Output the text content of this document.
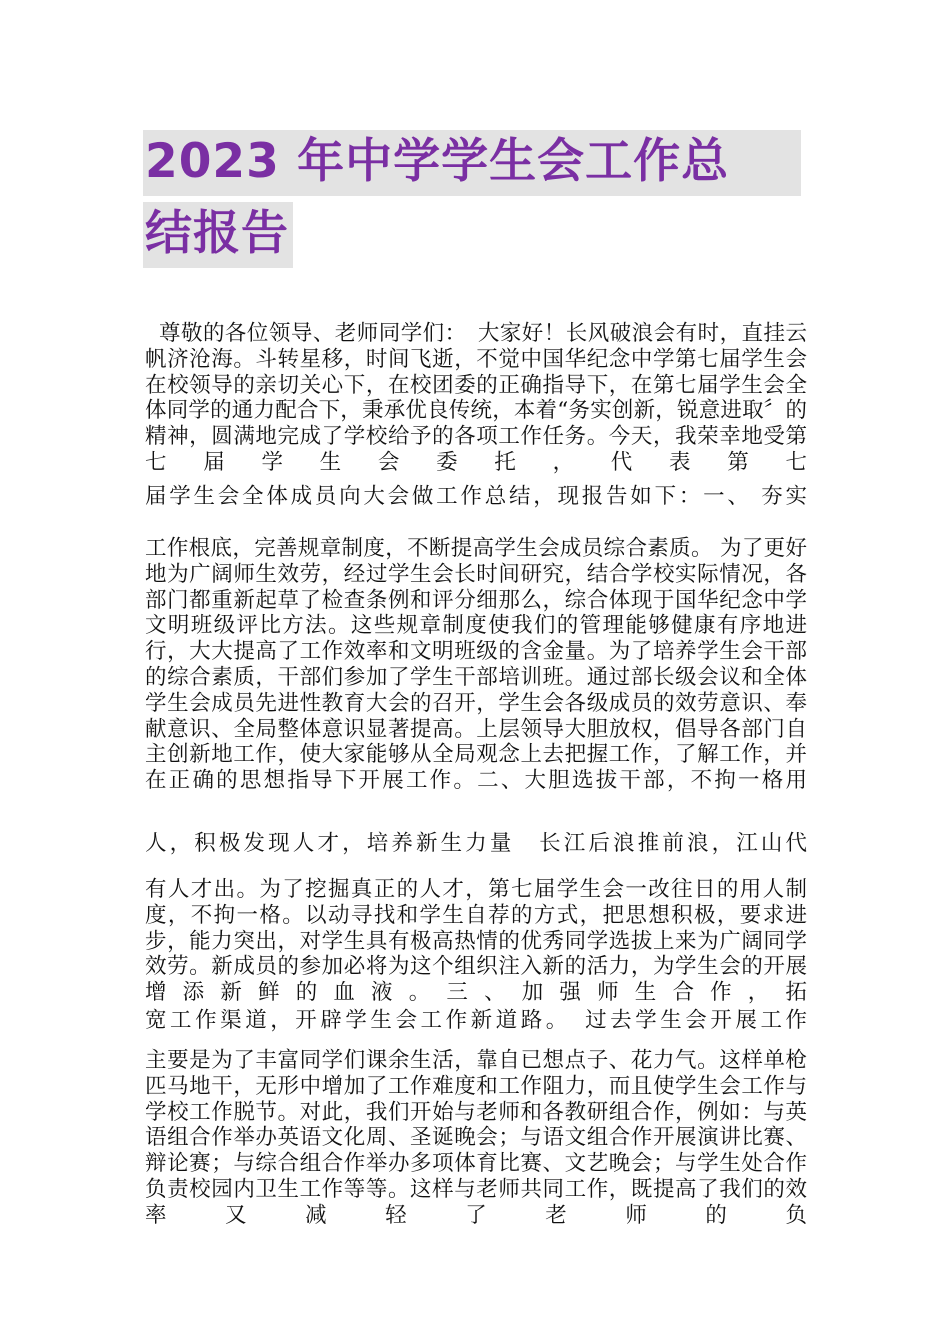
2023 年中学学生会工作总
结报告

尊敬的各位领导、老师同学们：　大家好！长风破浪会有时，直挂云帆济沧海。斗转星移，时间飞逝，不觉中国华纪念中学第七届学生会在校领导的亲切关心下，在校团委的正确指导下，在第七届学生会全体同学的通力配合下，秉承优良传统，本着“务实创新，锐意进取〞的精神，圆满地完成了学校给予的各项工作任务。今天，我荣幸地受第七届学生会委托，代表第七

届学生会全体成员向大会做工作总结，现报告如下：一、 夯实

工作根底，完善规章制度，不断提高学生会成员综合素质。 为了更好地为广阔师生效劳，经过学生会长时间研究，结合学校实际情况，各部门都重新起草了检查条例和评分细那么，综合体现于国华纪念中学文明班级评比方法。这些规章制度使我们的管理能够健康有序地进行，大大提高了工作效率和文明班级的含金量。为了培养学生会干部的综合素质，干部们参加了学生干部培训班。通过部长级会议和全体学生会成员先进性教育大会的召开，学生会各级成员的效劳意识、奉献意识、全局整体意识显著提高。上层领导大胆放权，倡导各部门自主创新地工作，使大家能够从全局观念上去把握工作，了解工作，并在正确的思想指导下开展工作。二、大胆选拔干部，不拘一格用

人，积极发现人才，培养新生力量　长江后浪推前浪，江山代

有人才出。为了挖掘真正的人才，第七届学生会一改往日的用人制度，不拘一格。以动寻找和学生自荐的方式，把思想积极，要求进步，能力突出，对学生具有极高热情的优秀同学选拔上来为广阔同学效劳。新成员的参加必将为这个组织注入新的活力，为学生会的开展增添新鲜的血液。三、加强师生合作，拓

宽工作渠道，开辟学生会工作新道路。　过去学生会开展工作

主要是为了丰富同学们课余生活，靠自已想点子、花力气。这样单枪匹马地干，无形中增加了工作难度和工作阻力，而且使学生会工作与学校工作脱节。对此，我们开始与老师和各教研组合作，例如：与英语组合作举办英语文化周、圣诞晚会；与语文组合作开展演讲比赛、辩论赛；与综合组合作举办多项体育比赛、文艺晚会；与学生处合作负责校园内卫生工作等等。这样与老师共同工作，既提高了我们的效率又减轻了老师的负
